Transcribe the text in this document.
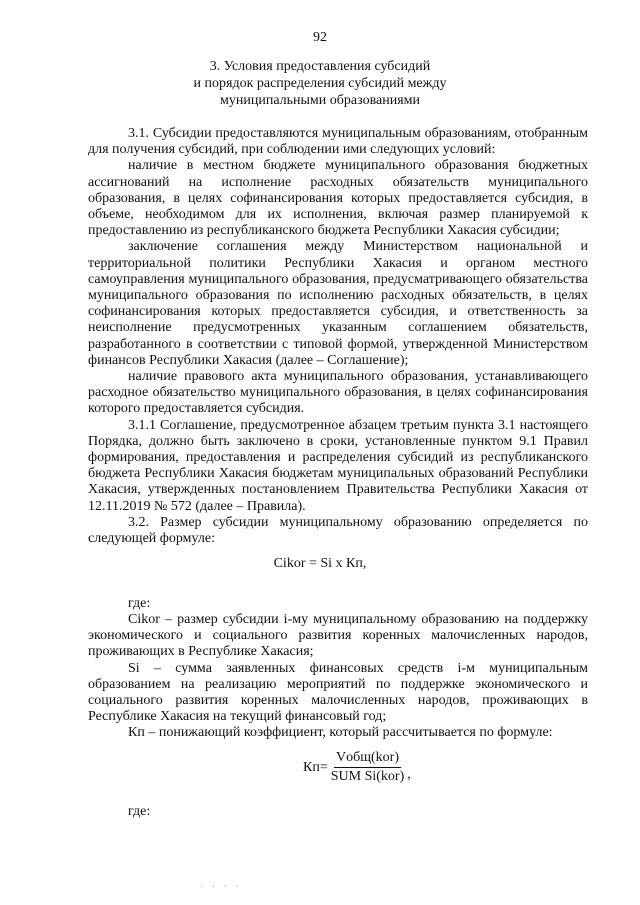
92
3. Условия предоставления субсидий
и порядок распределения субсидий между
муниципальными образованиями

3.1. Субсидии предоставляются муниципальным образованиям, отобранным для получения субсидий, при соблюдении ими следующих условий:

наличие в местном бюджете муниципального образования бюджетных ассигнований на исполнение расходных обязательств муниципального образования, в целях софинансирования которых предоставляется субсидия, в объеме, необходимом для их исполнения, включая размер планируемой к предоставлению из республиканского бюджета Республики Хакасия субсидии;

заключение соглашения между Министерством национальной и территориальной политики Республики Хакасия и органом местного самоуправления муниципального образования, предусматривающего обязательства муниципального образования по исполнению расходных обязательств, в целях софинансирования которых предоставляется субсидия, и ответственность за неисполнение предусмотренных указанным соглашением обязательств, разработанного в соответствии с типовой формой, утвержденной Министерством финансов Республики Хакасия (далее – Соглашение);

наличие правового акта муниципального образования, устанавливающего расходное обязательство муниципального образования, в целях софинансирования которого предоставляется субсидия.

3.1.1 Соглашение, предусмотренное абзацем третьим пункта 3.1 настоящего Порядка, должно быть заключено в сроки, установленные пунктом 9.1 Правил формирования, предоставления и распределения субсидий из республиканского бюджета Республики Хакасия бюджетам муниципальных образований Республики Хакасия, утвержденных постановлением Правительства Республики Хакасия от 12.11.2019 № 572 (далее – Правила).

3.2. Размер субсидии муниципальному образованию определяется по следующей формуле:

Cikor = Si x Кп,
где:

Cikor – размер субсидии i-му муниципальному образованию на поддержку экономического и социального развития коренных малочисленных народов, проживающих в Республике Хакасия;

Si – сумма заявленных финансовых средств i-м муниципальным образованием на реализацию мероприятий по поддержке экономического и социального развития коренных малочисленных народов, проживающих в Республике Хакасия на текущий финансовый год;

Кп – понижающий коэффициент, который рассчитывается по формуле:

$Кп= \frac{\text{Vобщ(kor)}}{\text{SUM Si(kor)}}$ ,
где:
· · · ·
